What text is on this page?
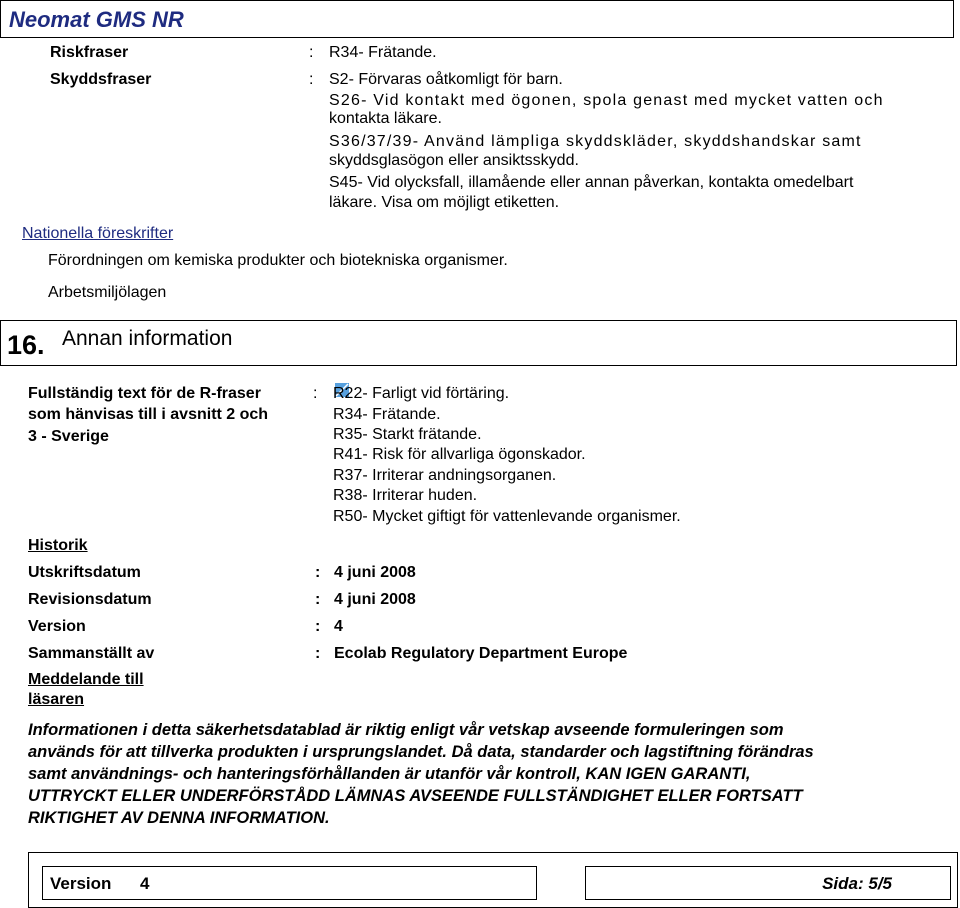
Neomat GMS NR
Riskfraser	: R34- Frätande.
Skyddsfraser	: S2- Förvaras oåtkomligt för barn.
S26- Vid kontakt med ögonen, spola genast med mycket vatten och
kontakta läkare.
S36/37/39- Använd lämpliga skyddskläder, skyddshandskar samt
skyddsglasögon eller ansiktsskydd.
S45- Vid olycksfall, illamående eller annan påverkan, kontakta omedelbart
läkare. Visa om möjligt etiketten.
Nationella föreskrifter
Förordningen om kemiska produkter och biotekniska organismer.
Arbetsmiljölagen
16. Annan information
Fullständig text för de R-fraser
som hänvisas till i avsnitt 2 och
3 - Sverige
: R22- Farligt vid förtäring.
R34- Frätande.
R35- Starkt frätande.
R41- Risk för allvarliga ögonskador.
R37- Irriterar andningsorganen.
R38- Irriterar huden.
R50- Mycket giftigt för vattenlevande organismer.
Historik
Utskriftsdatum	: 4 juni 2008
Revisionsdatum	: 4 juni 2008
Version	: 4
Sammanställt av	: Ecolab Regulatory Department Europe
Meddelande till
läsaren

Informationen i detta säkerhetsdatablad är riktig enligt vår vetskap avseende formuleringen som

används för att tillverka produkten i ursprungslandet. Då data, standarder och lagstiftning förändras

samt användnings- och hanteringsförhållanden är utanför vår kontroll, KAN IGEN GARANTI,

UTTRYCKT ELLER UNDERFÖRSTÅDD LÄMNAS AVSEENDE FULLSTÄNDIGHET ELLER FORTSATT

RIKTIGHET AV DENNA INFORMATION.

Version 4	Sida: 5/5
